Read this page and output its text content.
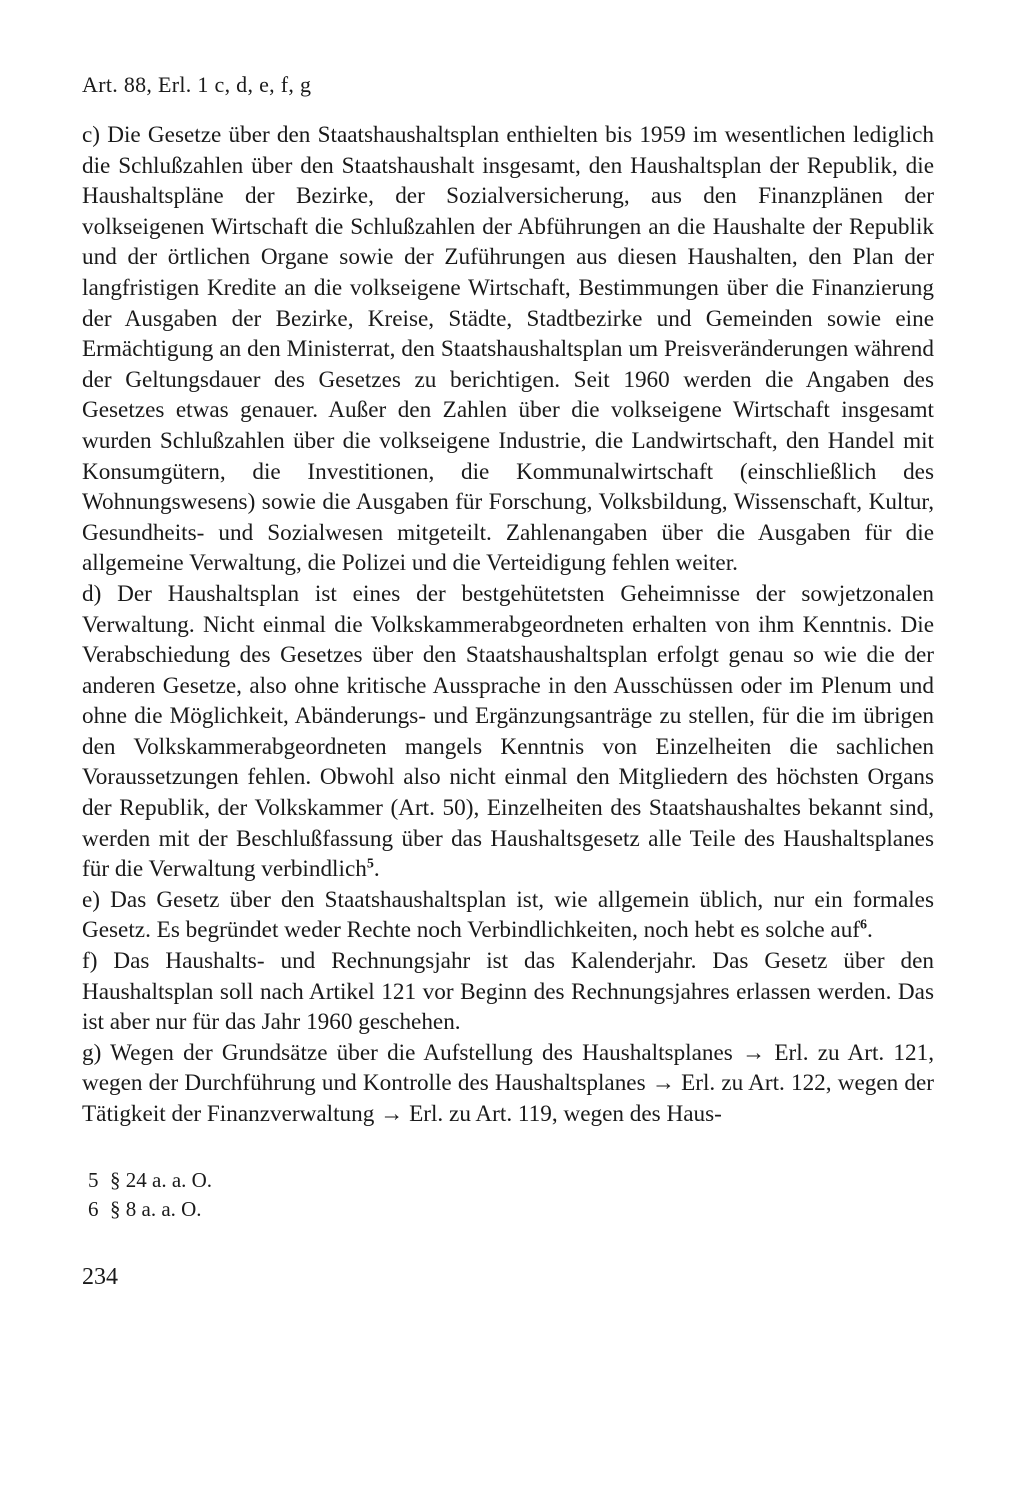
Art. 88, Erl. 1 c, d, e, f, g

c) Die Gesetze über den Staatshaushaltsplan enthielten bis 1959 im wesentlichen lediglich die Schlußzahlen über den Staatshaushalt insgesamt, den Haushaltsplan der Republik, die Haushaltspläne der Bezirke, der Sozialversicherung, aus den Finanzplänen der volkseigenen Wirtschaft die Schlußzahlen der Abführungen an die Haushalte der Republik und der örtlichen Organe sowie der Zuführungen aus diesen Haushalten, den Plan der langfristigen Kredite an die volkseigene Wirtschaft, Bestimmungen über die Finanzierung der Ausgaben der Bezirke, Kreise, Städte, Stadtbezirke und Gemeinden sowie eine Ermächtigung an den Ministerrat, den Staatshaushaltsplan um Preisveränderungen während der Geltungsdauer des Gesetzes zu berichtigen. Seit 1960 werden die Angaben des Gesetzes etwas genauer. Außer den Zahlen über die volkseigene Wirtschaft insgesamt wurden Schlußzahlen über die volkseigene Industrie, die Landwirtschaft, den Handel mit Konsumgütern, die Investitionen, die Kommunalwirtschaft (einschließlich des Wohnungswesens) sowie die Ausgaben für Forschung, Volksbildung, Wissenschaft, Kultur, Gesundheits- und Sozialwesen mitgeteilt. Zahlenangaben über die Ausgaben für die allgemeine Verwaltung, die Polizei und die Verteidigung fehlen weiter.

d) Der Haushaltsplan ist eines der bestgehütetsten Geheimnisse der sowjetzonalen Verwaltung. Nicht einmal die Volkskammerabgeordneten erhalten von ihm Kenntnis. Die Verabschiedung des Gesetzes über den Staatshaushaltsplan erfolgt genau so wie die der anderen Gesetze, also ohne kritische Aussprache in den Ausschüssen oder im Plenum und ohne die Möglichkeit, Abänderungs- und Ergänzungsanträge zu stellen, für die im übrigen den Volkskammerabgeordneten mangels Kenntnis von Einzelheiten die sachlichen Voraussetzungen fehlen. Obwohl also nicht einmal den Mitgliedern des höchsten Organs der Republik, der Volkskammer (Art. 50), Einzelheiten des Staatshaushaltes bekannt sind, werden mit der Beschlußfassung über das Haushaltsgesetz alle Teile des Haushaltsplanes für die Verwaltung verbindlich$^5$.

e) Das Gesetz über den Staatshaushaltsplan ist, wie allgemein üblich, nur ein formales Gesetz. Es begründet weder Rechte noch Verbindlichkeiten, noch hebt es solche auf$^6$.

f) Das Haushalts- und Rechnungsjahr ist das Kalenderjahr. Das Gesetz über den Haushaltsplan soll nach Artikel 121 vor Beginn des Rechnungsjahres erlassen werden. Das ist aber nur für das Jahr 1960 geschehen.

g) Wegen der Grundsätze über die Aufstellung des Haushaltsplanes → Erl. zu Art. 121, wegen der Durchführung und Kontrolle des Haushaltsplanes → Erl. zu Art. 122, wegen der Tätigkeit der Finanzverwaltung → Erl. zu Art. 119, wegen des Haus-

5 § 24 a. a. O.

6 § 8 a. a. O.

234
